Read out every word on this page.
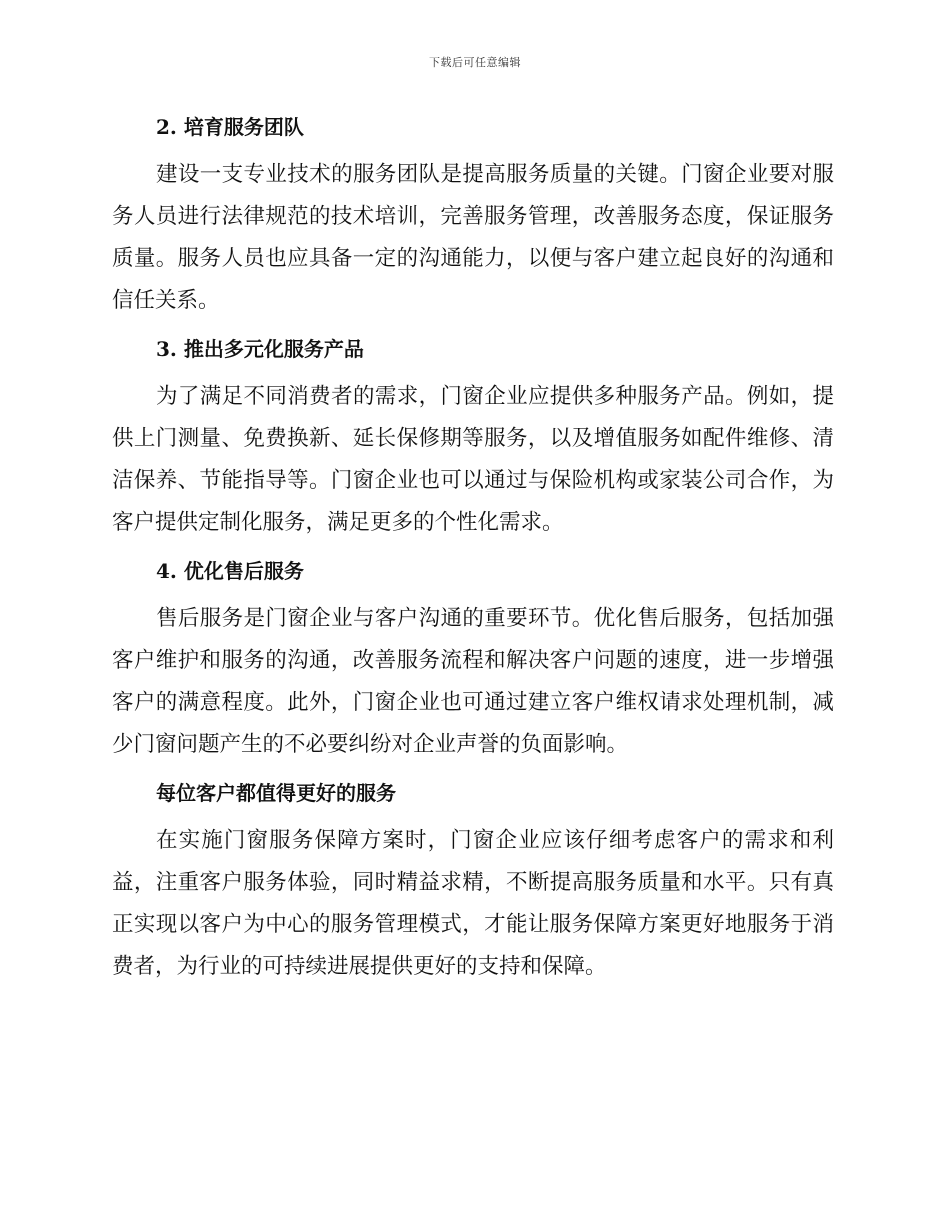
下载后可任意编辑
2. 培育服务团队

建设一支专业技术的服务团队是提高服务质量的关键。门窗企业要对服务人员进行法律规范的技术培训，完善服务管理，改善服务态度，保证服务质量。服务人员也应具备一定的沟通能力，以便与客户建立起良好的沟通和信任关系。

3. 推出多元化服务产品

为了满足不同消费者的需求，门窗企业应提供多种服务产品。例如，提供上门测量、免费换新、延长保修期等服务，以及增值服务如配件维修、清洁保养、节能指导等。门窗企业也可以通过与保险机构或家装公司合作，为客户提供定制化服务，满足更多的个性化需求。

4. 优化售后服务

售后服务是门窗企业与客户沟通的重要环节。优化售后服务，包括加强客户维护和服务的沟通，改善服务流程和解决客户问题的速度，进一步增强客户的满意程度。此外，门窗企业也可通过建立客户维权请求处理机制，减少门窗问题产生的不必要纠纷对企业声誉的负面影响。

每位客户都值得更好的服务

在实施门窗服务保障方案时，门窗企业应该仔细考虑客户的需求和利益，注重客户服务体验，同时精益求精，不断提高服务质量和水平。只有真正实现以客户为中心的服务管理模式，才能让服务保障方案更好地服务于消费者，为行业的可持续进展提供更好的支持和保障。
